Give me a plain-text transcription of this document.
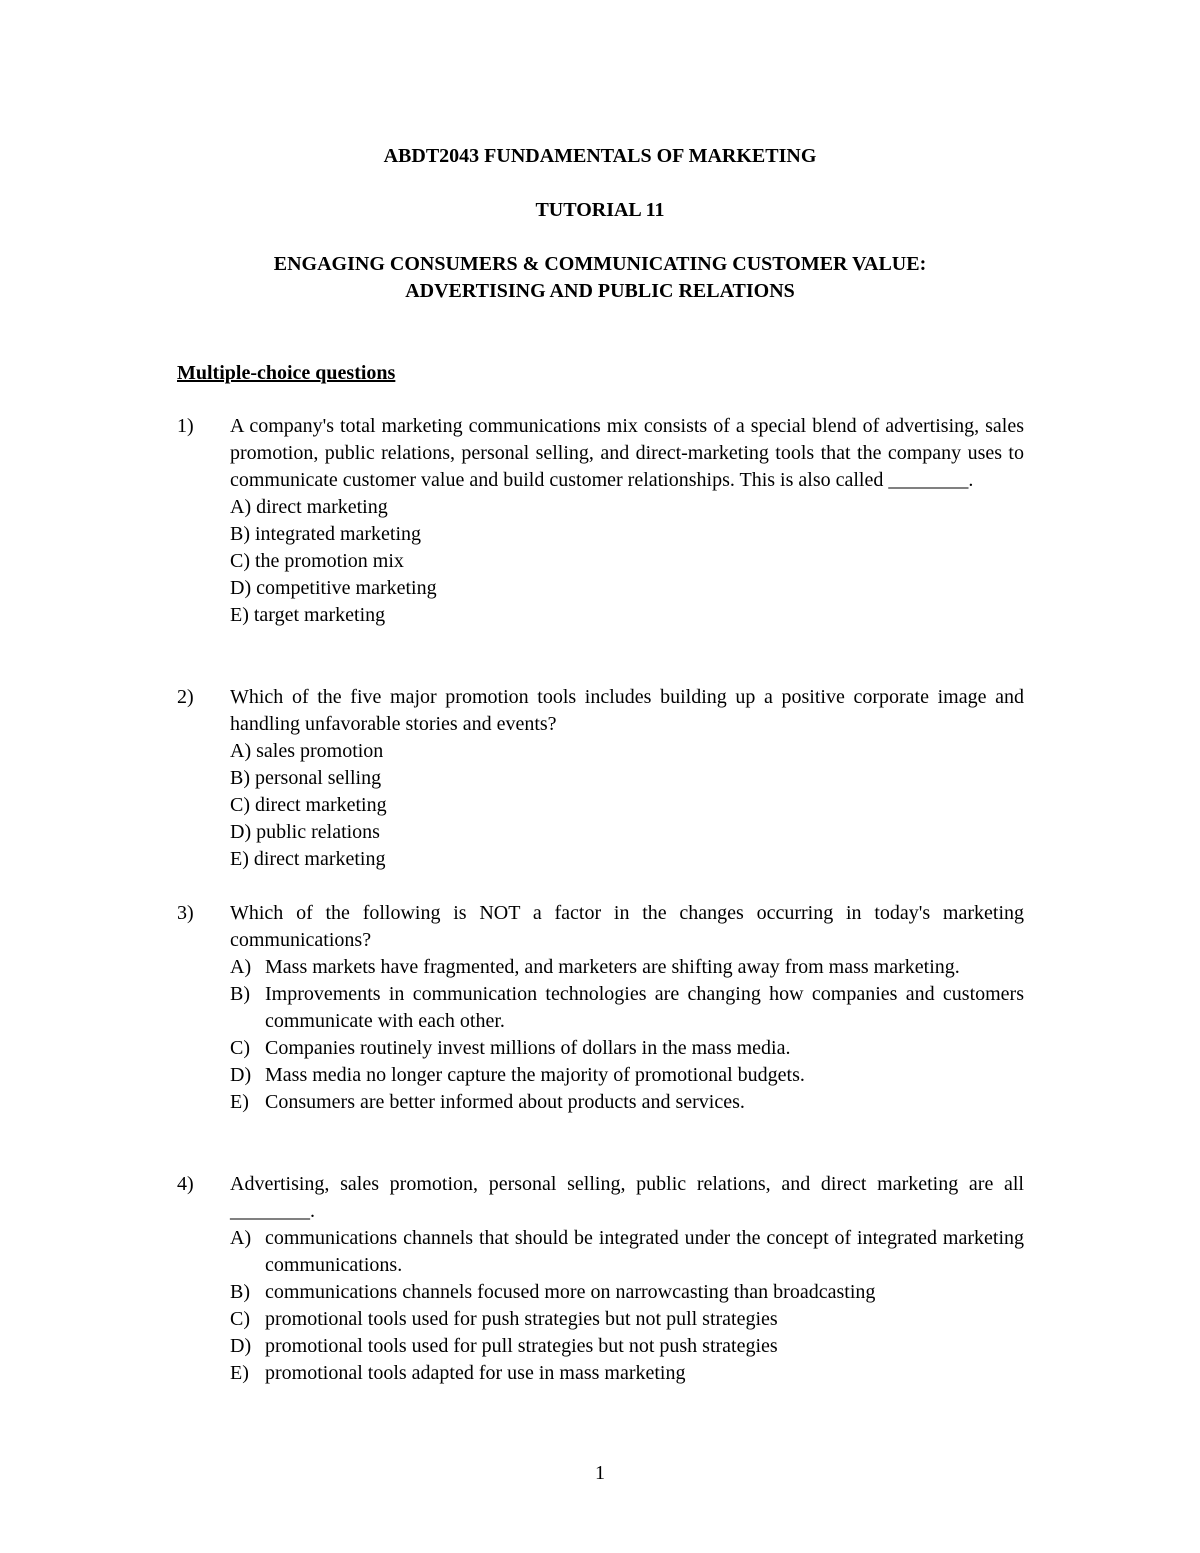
ABDT2043 FUNDAMENTALS OF MARKETING
TUTORIAL 11
ENGAGING CONSUMERS & COMMUNICATING CUSTOMER VALUE:
ADVERTISING AND PUBLIC RELATIONS
Multiple-choice questions
1) A company's total marketing communications mix consists of a special blend of advertising, sales promotion, public relations, personal selling, and direct-marketing tools that the company uses to communicate customer value and build customer relationships. This is also called ________.
A) direct marketing
B) integrated marketing
C) the promotion mix
D) competitive marketing
E) target marketing
2) Which of the five major promotion tools includes building up a positive corporate image and handling unfavorable stories and events?
A) sales promotion
B) personal selling
C) direct marketing
D) public relations
E) direct marketing
3) Which of the following is NOT a factor in the changes occurring in today's marketing communications?
A) Mass markets have fragmented, and marketers are shifting away from mass marketing.
B) Improvements in communication technologies are changing how companies and customers communicate with each other.
C) Companies routinely invest millions of dollars in the mass media.
D) Mass media no longer capture the majority of promotional budgets.
E) Consumers are better informed about products and services.
4) Advertising, sales promotion, personal selling, public relations, and direct marketing are all ________.
A) communications channels that should be integrated under the concept of integrated marketing communications.
B) communications channels focused more on narrowcasting than broadcasting
C) promotional tools used for push strategies but not pull strategies
D) promotional tools used for pull strategies but not push strategies
E) promotional tools adapted for use in mass marketing
1
